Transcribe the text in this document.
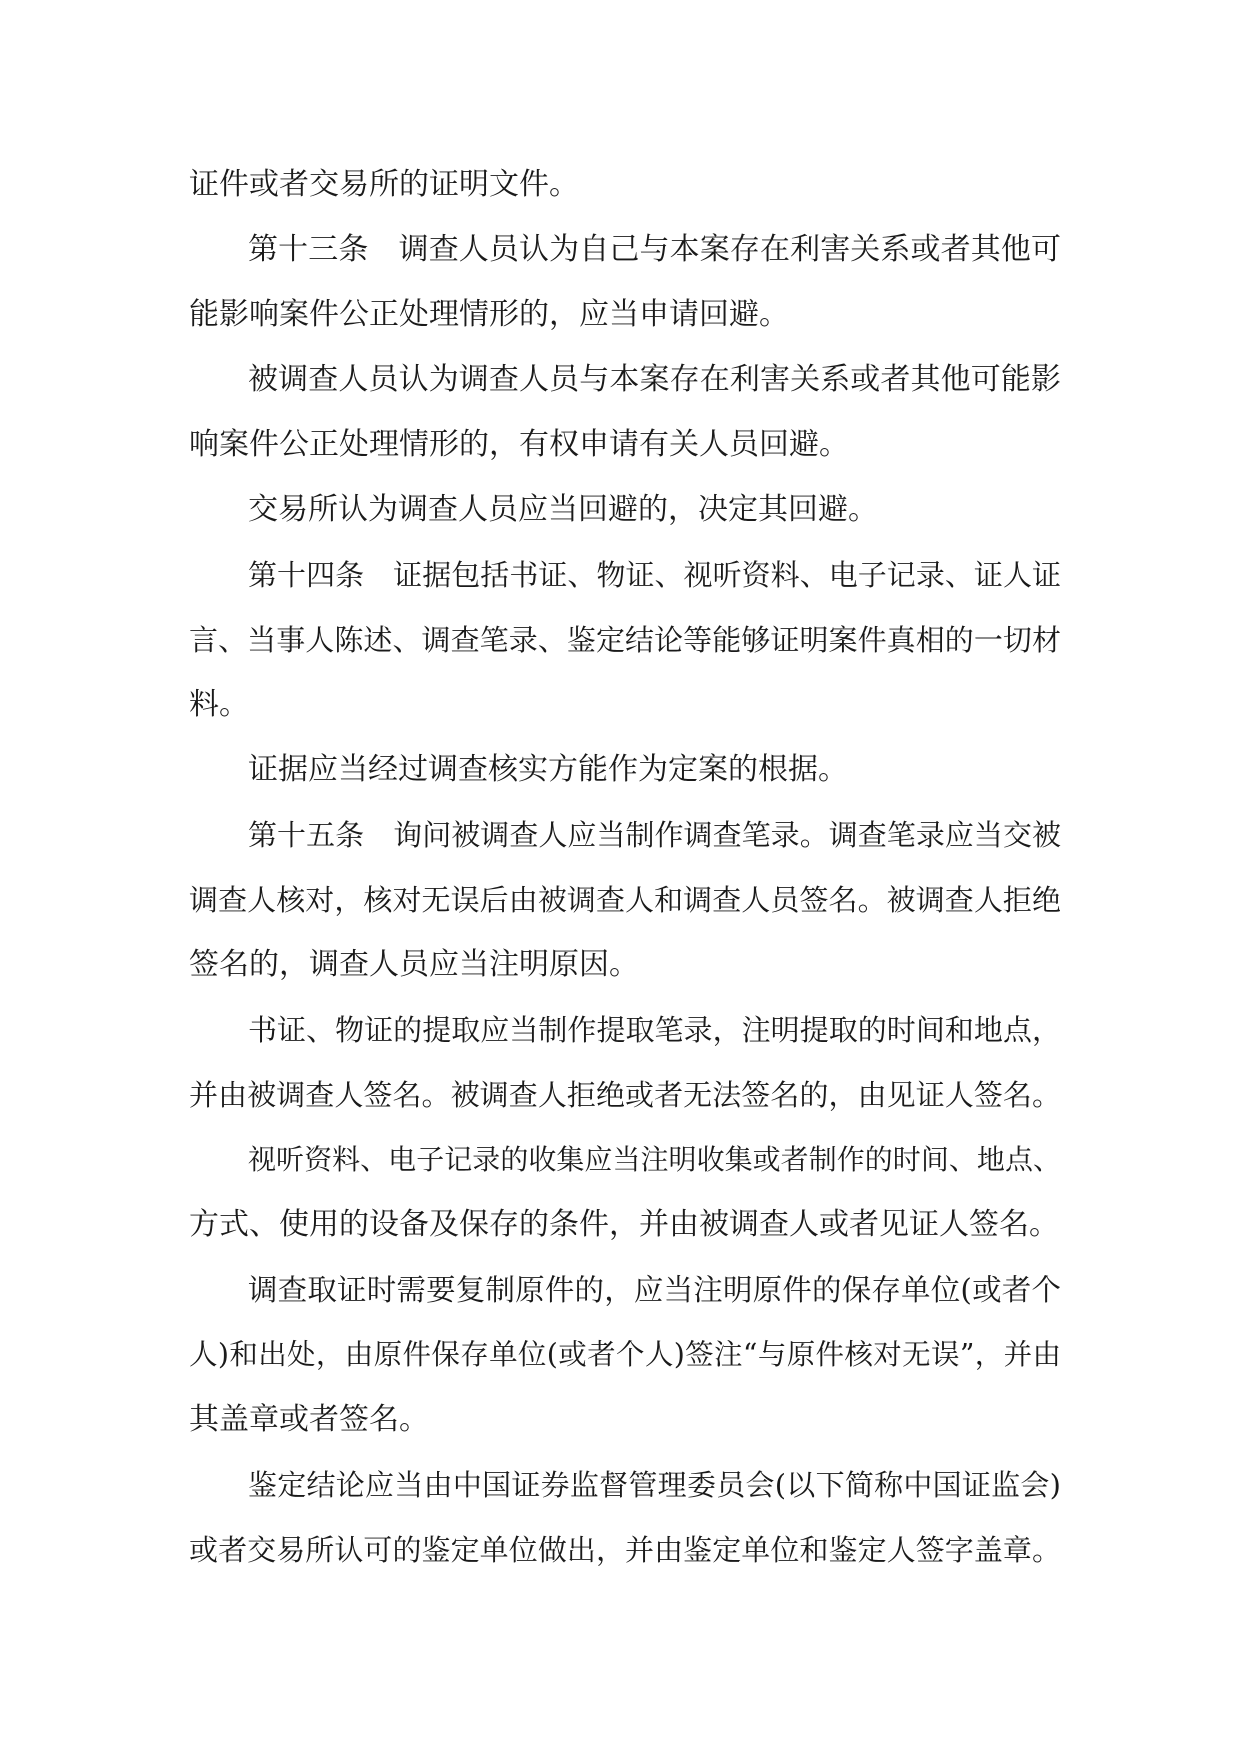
证件或者交易所的证明文件。
第十三条　调查人员认为自己与本案存在利害关系或者其他可
能影响案件公正处理情形的，应当申请回避。
被调查人员认为调查人员与本案存在利害关系或者其他可能影
响案件公正处理情形的，有权申请有关人员回避。
交易所认为调查人员应当回避的，决定其回避。
第十四条　证据包括书证、物证、视听资料、电子记录、证人证
言、当事人陈述、调查笔录、鉴定结论等能够证明案件真相的一切材
料。
证据应当经过调查核实方能作为定案的根据。
第十五条　询问被调查人应当制作调查笔录。调查笔录应当交被
调查人核对，核对无误后由被调查人和调查人员签名。被调查人拒绝
签名的，调查人员应当注明原因。
书证、物证的提取应当制作提取笔录，注明提取的时间和地点，
并由被调查人签名。被调查人拒绝或者无法签名的，由见证人签名。
视听资料、电子记录的收集应当注明收集或者制作的时间、地点、
方式、使用的设备及保存的条件，并由被调查人或者见证人签名。
调查取证时需要复制原件的，应当注明原件的保存单位(或者个
人)和出处，由原件保存单位(或者个人)签注“与原件核对无误”，并由
其盖章或者签名。
鉴定结论应当由中国证券监督管理委员会(以下简称中国证监会)
或者交易所认可的鉴定单位做出，并由鉴定单位和鉴定人签字盖章。
